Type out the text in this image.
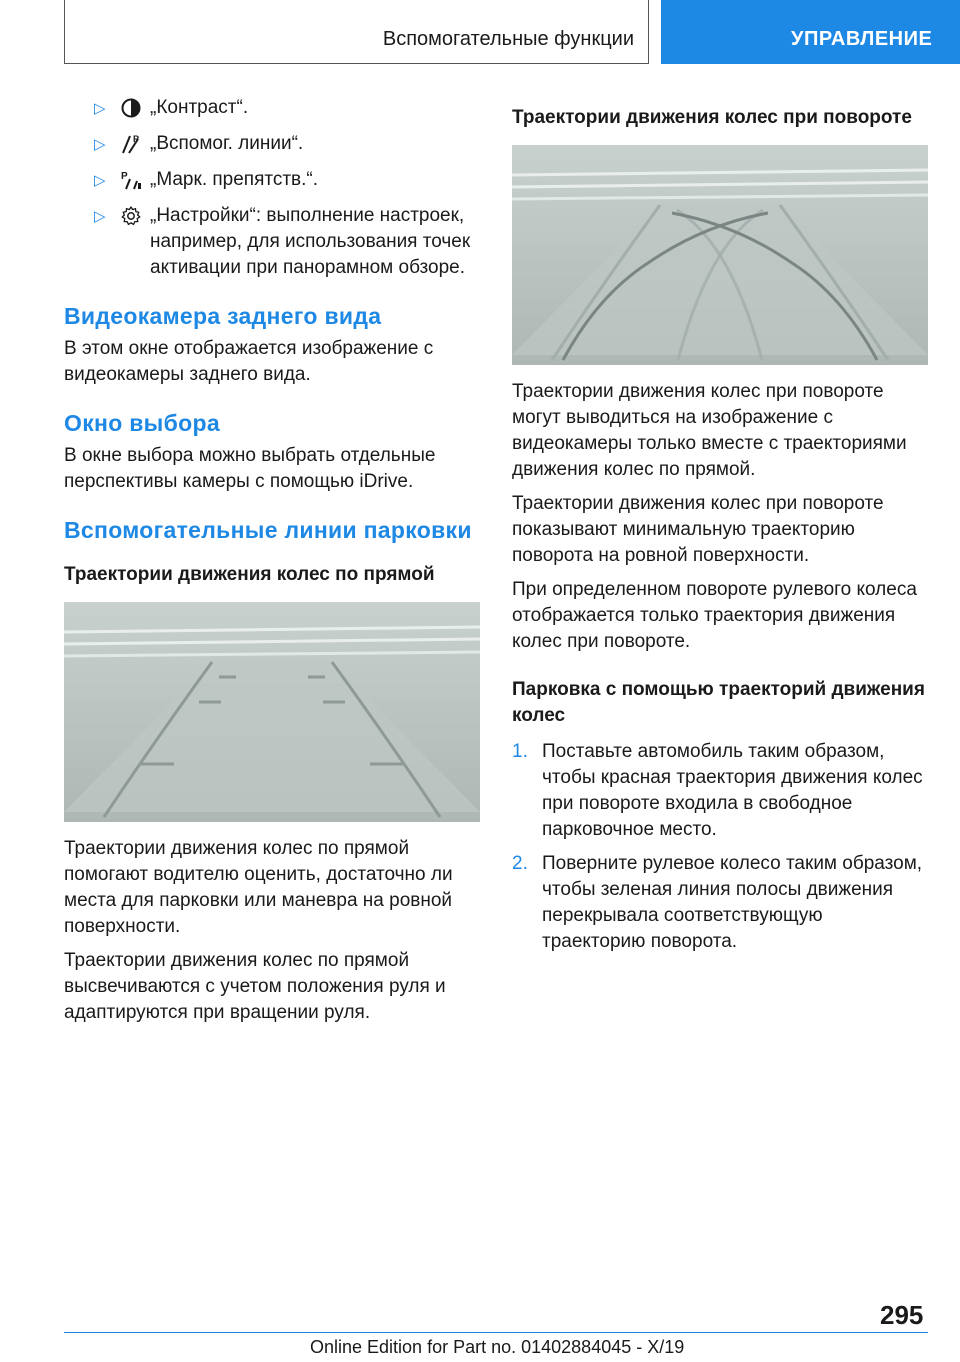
Вспомогательные функции	УПРАВЛЕНИЕ
▷ „Контраст“.
▷	P „Вспомог. линии“.
▷ P „Марк. препятств.“.
▷ „Настройки“: выполнение настроек, например, для использования точек активации при панорамном обзоре.
Видеокамера заднего вида

В этом окне отображается изображение с видеокамеры заднего вида.

Окно выбора

В окне выбора можно выбрать отдельные перспективы камеры с помощью iDrive.

Вспомогательные линии парковки
Траектории движения колес по прямой

Траектории движения колес по прямой помогают водителю оценить, достаточно ли места для парковки или маневра на ровной поверхности.

Траектории движения колес по прямой высвечиваются с учетом положения руля и адаптируются при вращении руля.

Траектории движения колес при повороте

Траектории движения колес при повороте могут выводиться на изображение с видеокамеры только вместе с траекториями движения колес по прямой.

Траектории движения колес при повороте показывают минимальную траекторию поворота на ровной поверхности.

При определенном повороте рулевого колеса отображается только траектория движения колес при повороте.

Парковка с помощью траекторий движения колес
1. Поставьте автомобиль таким образом, чтобы красная траектория движения колес при повороте входила в свободное парковочное место.
2. Поверните рулевое колесо таким образом, чтобы зеленая линия полосы движения перекрывала соответствующую траекторию поворота.
295
Online Edition for Part no. 01402884045 - X/19
